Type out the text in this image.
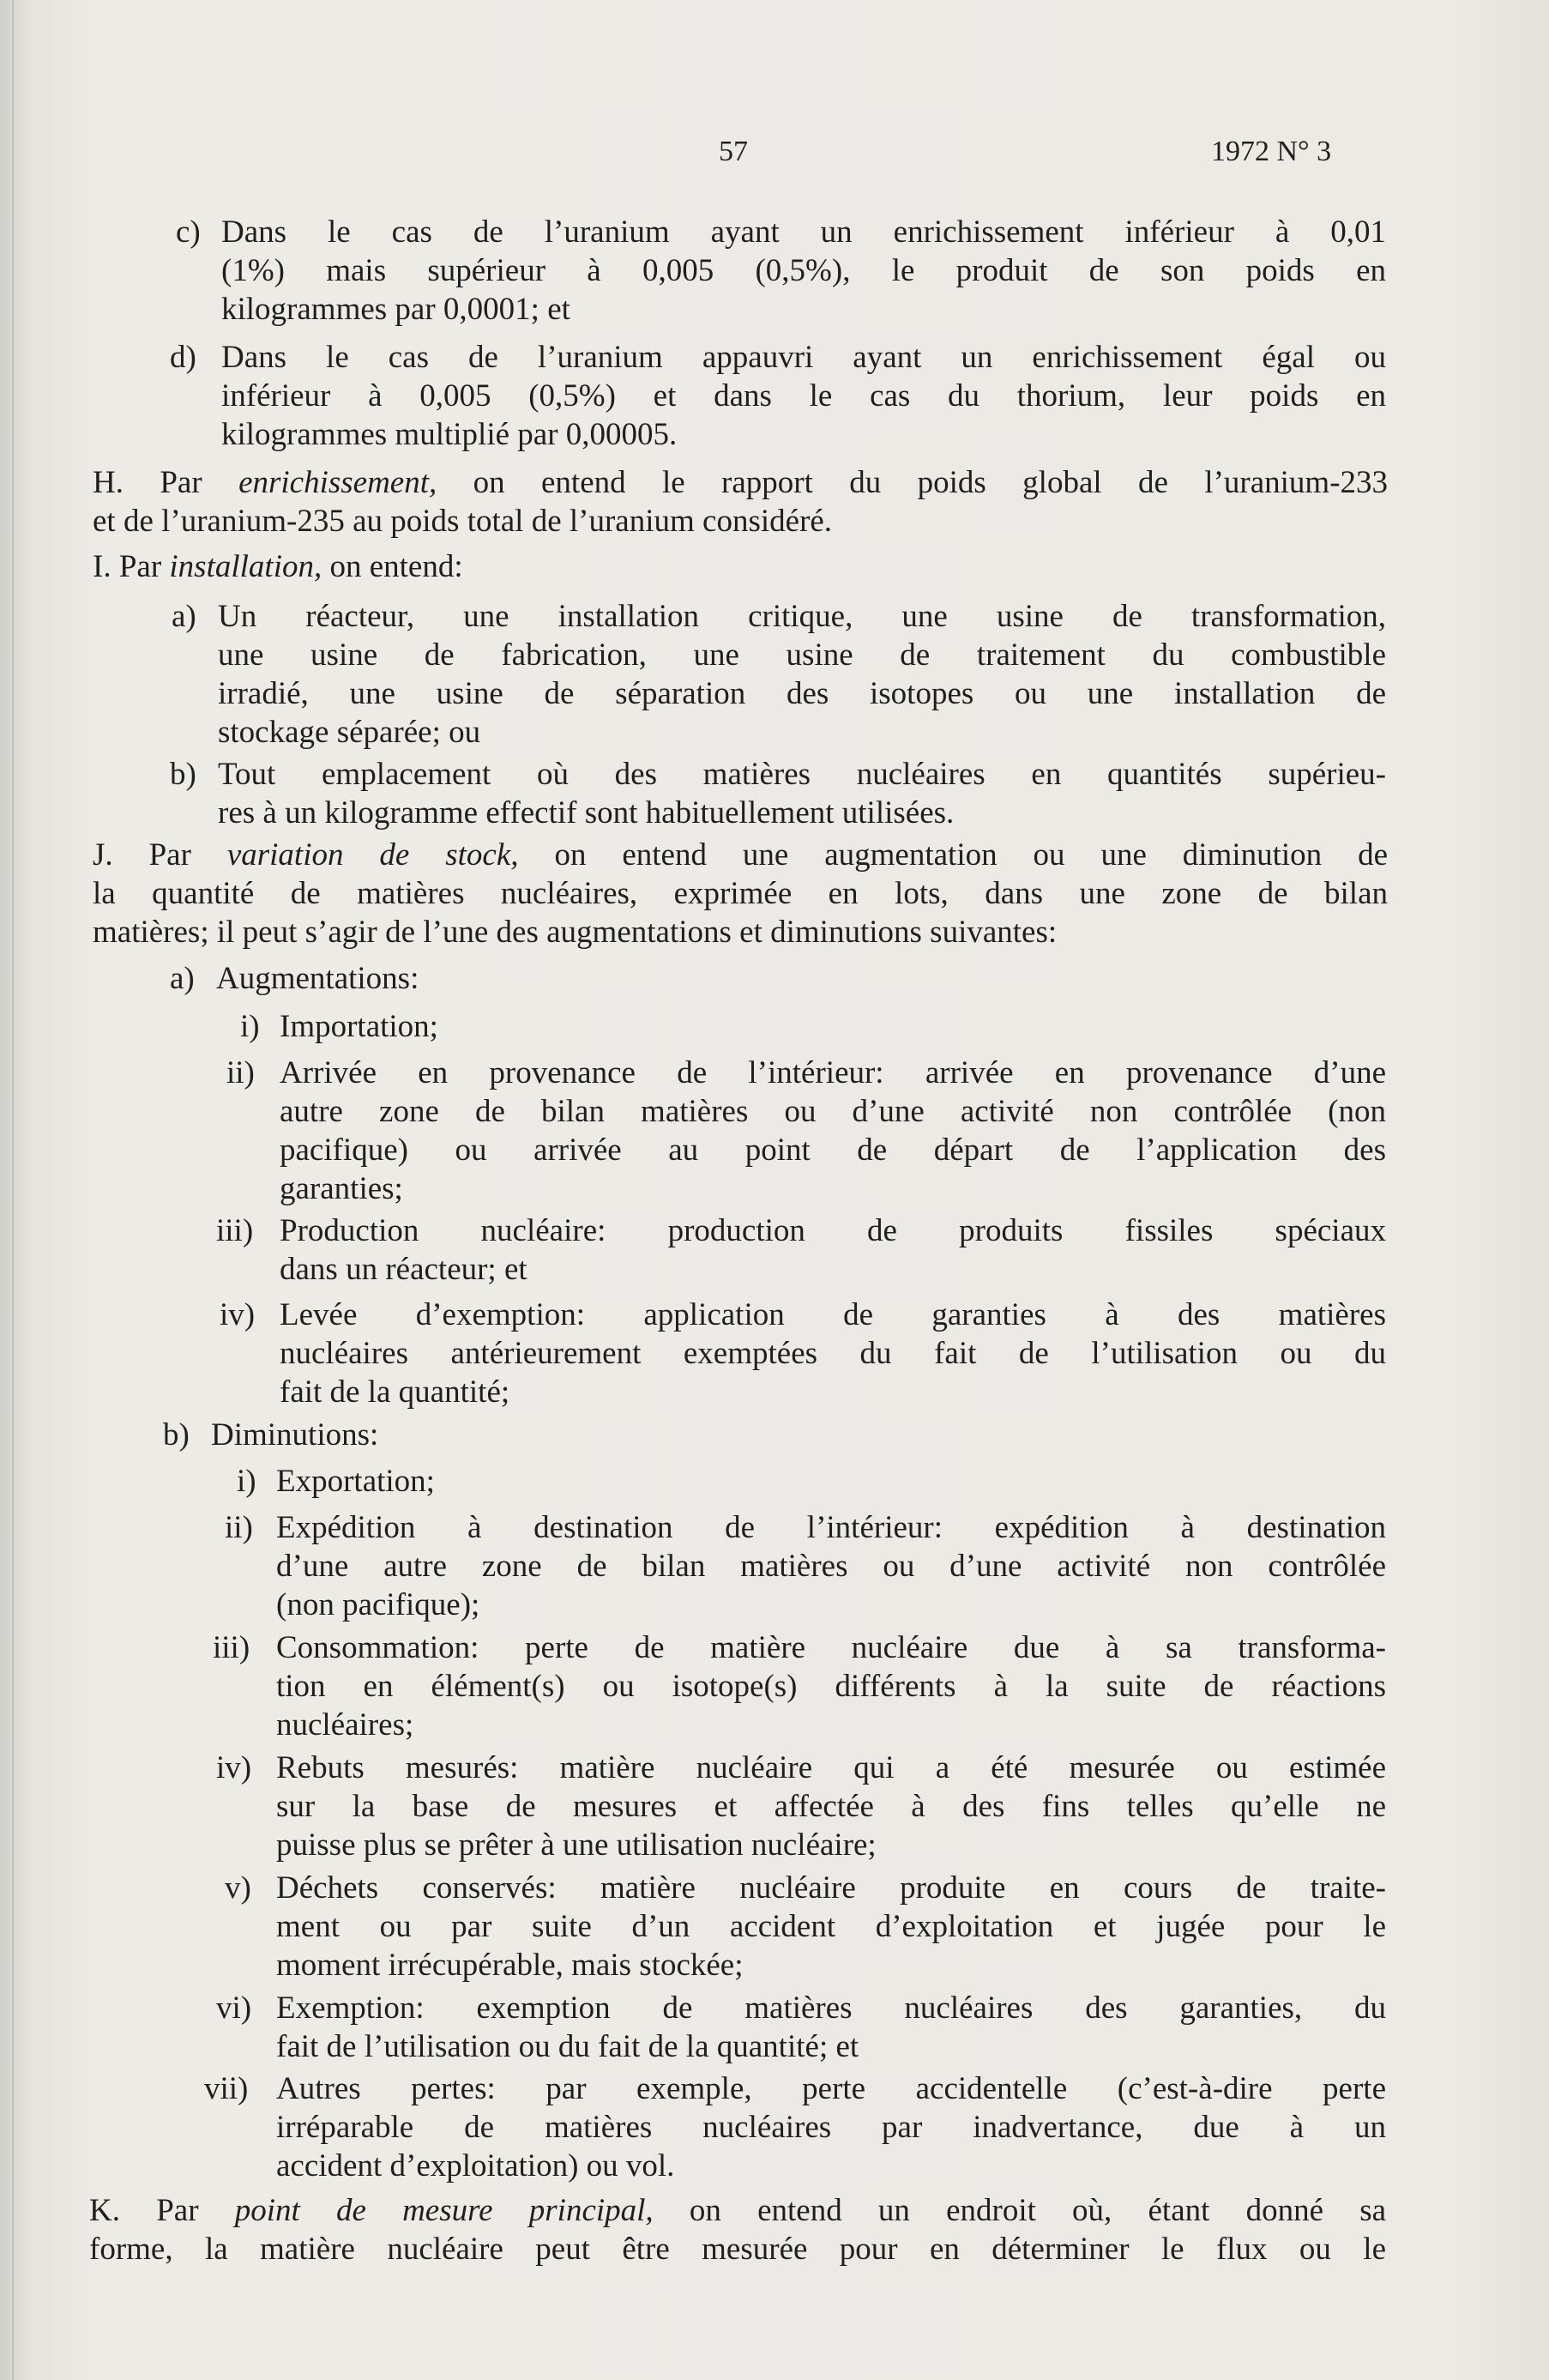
57	1972 N° 3
c) Dans le cas de l’uranium ayant un enrichissement inférieur à 0,01
(1%) mais supérieur à 0,005 (0,5%), le produit de son poids en
kilogrammes par 0,0001; et
d) Dans le cas de l’uranium appauvri ayant un enrichissement égal ou
inférieur à 0,005 (0,5%) et dans le cas du thorium, leur poids en
kilogrammes multiplié par 0,00005.
H. Par enrichissement, on entend le rapport du poids global de l’uranium-233
et de l’uranium-235 au poids total de l’uranium considéré.
I. Par installation, on entend:
a) Un réacteur, une installation critique, une usine de transformation,
une usine de fabrication, une usine de traitement du combustible
irradié, une usine de séparation des isotopes ou une installation de
stockage séparée; ou
b) Tout emplacement où des matières nucléaires en quantités supérieu-
res à un kilogramme effectif sont habituellement utilisées.
J. Par variation de stock, on entend une augmentation ou une diminution de
la quantité de matières nucléaires, exprimée en lots, dans une zone de bilan
matières; il peut s’agir de l’une des augmentations et diminutions suivantes:
a) Augmentations:
i) Importation;
ii) Arrivée en provenance de l’intérieur: arrivée en provenance d’une
autre zone de bilan matières ou d’une activité non contrôlée (non
pacifique) ou arrivée au point de départ de l’application des
garanties;
iii) Production nucléaire: production de produits fissiles spéciaux
dans un réacteur; et
iv) Levée d’exemption: application de garanties à des matières
nucléaires antérieurement exemptées du fait de l’utilisation ou du
fait de la quantité;
b) Diminutions:
i) Exportation;
ii) Expédition à destination de l’intérieur: expédition à destination
d’une autre zone de bilan matières ou d’une activité non contrôlée
(non pacifique);
iii) Consommation: perte de matière nucléaire due à sa transforma-
tion en élément(s) ou isotope(s) différents à la suite de réactions
nucléaires;
iv) Rebuts mesurés: matière nucléaire qui a été mesurée ou estimée
sur la base de mesures et affectée à des fins telles qu’elle ne
puisse plus se prêter à une utilisation nucléaire;
v) Déchets conservés: matière nucléaire produite en cours de traite-
ment ou par suite d’un accident d’exploitation et jugée pour le
moment irrécupérable, mais stockée;
vi) Exemption: exemption de matières nucléaires des garanties, du
fait de l’utilisation ou du fait de la quantité; et
vii) Autres pertes: par exemple, perte accidentelle (c’est-à-dire perte
irréparable de matières nucléaires par inadvertance, due à un
accident d’exploitation) ou vol.
K. Par point de mesure principal, on entend un endroit où, étant donné sa
forme, la matière nucléaire peut être mesurée pour en déterminer le flux ou le
